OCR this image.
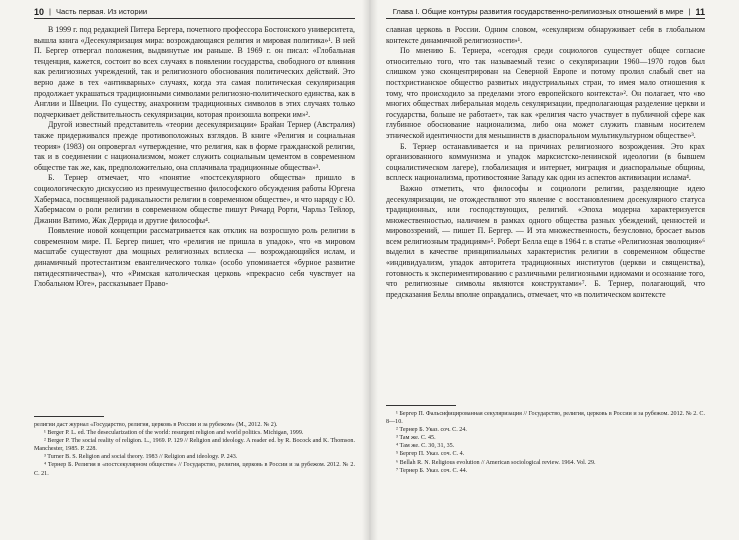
10 | Часть первая. Из истории

В 1999 г. под редакцией Питера Бергера, почетного профессора Бостонского университета, вышла книга «Десекуляризация мира: возрождающаяся религия и мировая политика»¹. В ней П. Бергер отвергал положения, выдвинутые им раньше. В 1969 г. он писал: «Глобальная тенденция, кажется, состоит во всех случаях в появлении государства, свободного от влияния как религиозных учреждений, так и религиозного обоснования политических действий. Это верно даже в тех «антикварных» случаях, когда эта самая политическая секуляризация продолжает украшаться традиционными символами религиозно-политического единства, как в Англии и Швеции. По существу, анахронизм традиционных символов в этих случаях только подчеркивает действительность секуляризации, которая произошла вопреки им»².

Другой известный представитель «теории десекуляризации» Брайан Тернер (Австралия) также придерживался прежде противоположных взглядов. В книге «Религия и социальная теория» (1983) он опровергал «утверждение, что религия, как в форме гражданской религии, так и в соединении с национализмом, может служить социальным цементом в современном обществе так же, как, предположительно, она сплачивала традиционные общества»³.

Б. Тернер отмечает, что «понятие «постсекулярного общества» пришло в социологическую дискуссию из преимущественно философского обсуждения работы Юргена Хабермаса, посвященной радикальности религии в современном обществе», и что наряду с Ю. Хабермасом о роли религии в современном обществе пишут Ричард Рорти, Чарльз Тейлор, Джанни Ватимо, Жак Деррида и другие философы⁴.

Появление новой концепции рассматривается как отклик на возросшую роль религии в современном мире. П. Бергер пишет, что «религия не пришла в упадок», что «в мировом масштабе существуют два мощных религиозных всплеска — возрождающийся ислам, и динамичный протестантизм евангелического толка» (особо упоминается «бурное развитие пятидесятничества»), что «Римская католическая церковь «прекрасно себя чувствует на Глобальном Юге», рассказывает Право-

религии даст журнал «Государство, религия, церковь в России и за рубежом» (М., 2012. № 2).

¹ Berger P. L. ed. The desecularization of the world: resurgent religion and world politics. Michigan, 1999.

² Berger P. The social reality of religion. L., 1969. P. 129 // Religion and ideology. A reader ed. by R. Bocock and K. Thomson. Manchester, 1985. P. 228.

³ Turner B. S. Religion and social theory. 1983 // Religion and ideology. P. 243.

⁴ Тернер Б. Религия в «постсекулярном обществе» // Государство, религия, церковь в России и за рубежом. 2012. № 2. С. 21.

Глава I. Общие контуры развития государственно-религиозных отношений в мире | 11

славная церковь в России. Одним словом, «секуляризм обнаруживает себя в глобальном контексте динамичной религиозности»¹.

По мнению Б. Тернера, «сегодня среди социологов существует общее согласие относительно того, что так называемый тезис о секуляризации 1960—1970 годов был слишком узко сконцентрирован на Северной Европе и потому пролил слабый свет на постхристианское общество развитых индустриальных стран, то имея мало отношения к тому, что происходило за пределами этого европейского контекста»². Он полагает, что «во многих обществах либеральная модель секуляризации, предполагающая разделение церкви и государства, больше не работает», так как «религия часто участвует в публичной сфере как глубинное обоснование национализма, либо она может служить главным носителем этнической идентичности для меньшинств в диаспоральном мультикультурном обществе»³.

Б. Тернер останавливается и на причинах религиозного возрождения. Это крах организованного коммунизма и упадок марксистско-ленинской идеологии (в бывшем социалистическом лагере), глобализация и интернет, миграция и диаспоральные общины, всплеск национализма, противостояние Западу как один из аспектов активизации ислама⁴.

Важно отметить, что философы и социологи религии, разделяющие идею десекуляризации, не отождествляют это явление с восстановлением досекулярного статуса традиционных, или господствующих, религий. «Эпоха модерна характеризуется множественностью, наличием в рамках одного общества разных убеждений, ценностей и мировоззрений, — пишет П. Бергер. — И эта множественность, безусловно, бросает вызов всем религиозным традициям»⁵. Роберт Белла еще в 1964 г. в статье «Религиозная эволюция»⁶ выделил в качестве принципиальных характеристик религии в современном обществе «индивидуализм, упадок авторитета традиционных институтов (церкви и священства), готовность к экспериментированию с различными религиозными идиомами и осознание того, что религиозные символы являются конструктами»⁷. Б. Тернер, полагающий, что предсказания Беллы вполне оправдались, отмечает, что «в политическом контексте

¹ Бергер П. Фальсифицированная секуляризация // Государство, религия, церковь в России и за рубежом. 2012. № 2. С. 8—10.

² Тернер Б. Указ. соч. С. 24.

³ Там же. С. 45.

⁴ Там же. С. 30, 31, 35.

⁵ Бергер П. Указ. соч. С. 4.

⁶ Bellah R. N. Religious evolution // American sociological review. 1964. Vol. 29.

⁷ Тернер Б. Указ. соч. С. 44.
